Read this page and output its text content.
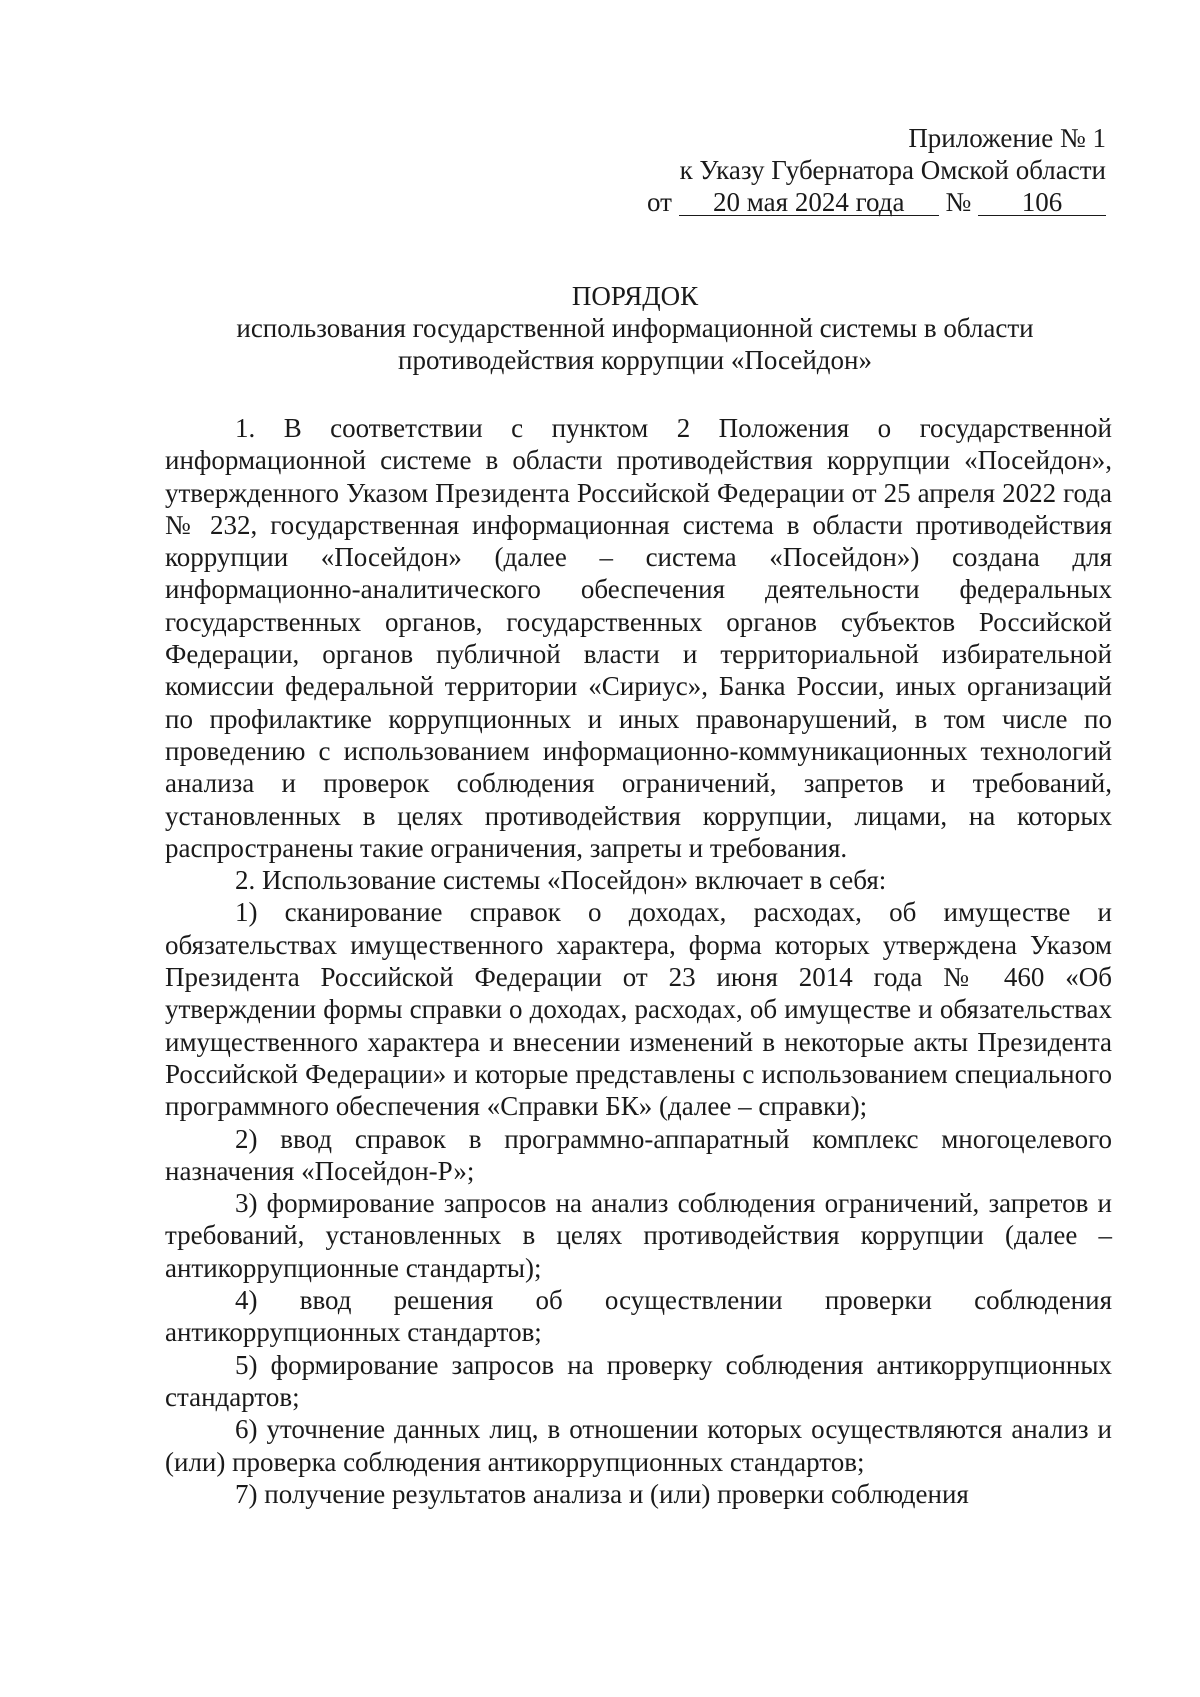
Приложение № 1
к Указу Губернатора Омской области
от 20 мая 2024 года № 106
ПОРЯДОК
использования государственной информационной системы в области
противодействия коррупции «Посейдон»

1. В соответствии с пунктом 2 Положения о государственной информационной системе в области противодействия коррупции «Посейдон», утвержденного Указом Президента Российской Федерации от 25 апреля 2022 года № 232, государственная информационная система в области противодействия коррупции «Посейдон» (далее – система «Посейдон») создана для информационно-аналитического обеспечения деятельности федеральных государственных органов, государственных органов субъектов Российской Федерации, органов публичной власти и территориальной избирательной комиссии федеральной территории «Сириус», Банка России, иных организаций по профилактике коррупционных и иных правонарушений, в том числе по проведению с использованием информационно-коммуникационных технологий анализа и проверок соблюдения ограничений, запретов и требований, установленных в целях противодействия коррупции, лицами, на которых распространены такие ограничения, запреты и требования.

2. Использование системы «Посейдон» включает в себя:

1) сканирование справок о доходах, расходах, об имуществе и обязательствах имущественного характера, форма которых утверждена Указом Президента Российской Федерации от 23 июня 2014 года № 460 «Об утверждении формы справки о доходах, расходах, об имуществе и обязательствах имущественного характера и внесении изменений в некоторые акты Президента Российской Федерации» и которые представлены с использованием специального программного обеспечения «Справки БК» (далее – справки);

2) ввод справок в программно-аппаратный комплекс многоцелевого назначения «Посейдон-Р»;

3) формирование запросов на анализ соблюдения ограничений, запретов и требований, установленных в целях противодействия коррупции (далее – антикоррупционные стандарты);

4) ввод решения об осуществлении проверки соблюдения антикоррупционных стандартов;

5) формирование запросов на проверку соблюдения антикоррупционных стандартов;

6) уточнение данных лиц, в отношении которых осуществляются анализ и (или) проверка соблюдения антикоррупционных стандартов;

7) получение результатов анализа и (или) проверки соблюдения
